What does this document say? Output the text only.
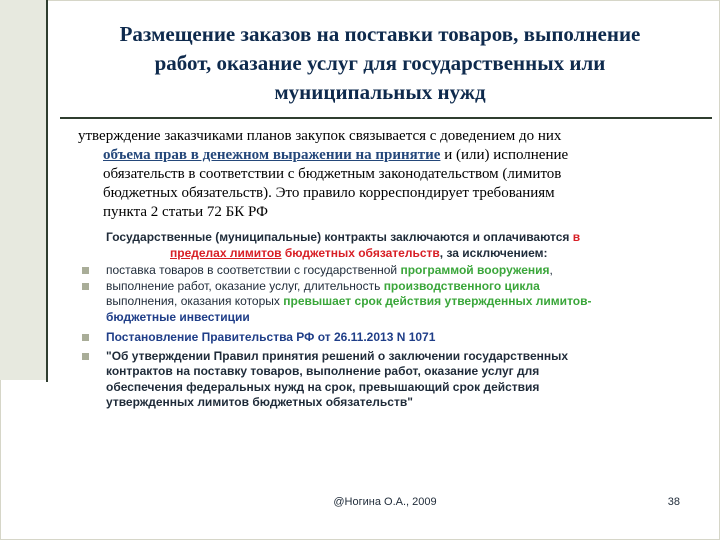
Размещение заказов на поставки товаров, выполнение
работ, оказание услуг для государственных или
муниципальных нужд
утверждение заказчиками планов закупок связывается с доведением до них
объема прав в денежном выражении на принятие и (или) исполнение
обязательств в соответствии с бюджетным законодательством (лимитов
бюджетных обязательств). Это правило корреспондирует требованиям
пункта 2 статьи 72 БК РФ
Государственные (муниципальные) контракты заключаются и оплачиваются в
пределах лимитов бюджетных обязательств, за исключением:
поставка товаров в соответствии с государственной программой вооружения,
выполнение работ, оказание услуг, длительность производственного цикла
выполнения, оказания которых превышает срок действия утвержденных лимитов-
бюджетные инвестиции
Постановление Правительства РФ от 26.11.2013 N 1071
"Об утверждении Правил принятия решений о заключении государственных
контрактов на поставку товаров, выполнение работ, оказание услуг для
обеспечения федеральных нужд на срок, превышающий срок действия
утвержденных лимитов бюджетных обязательств"
@Ногина О.А., 2009	38
